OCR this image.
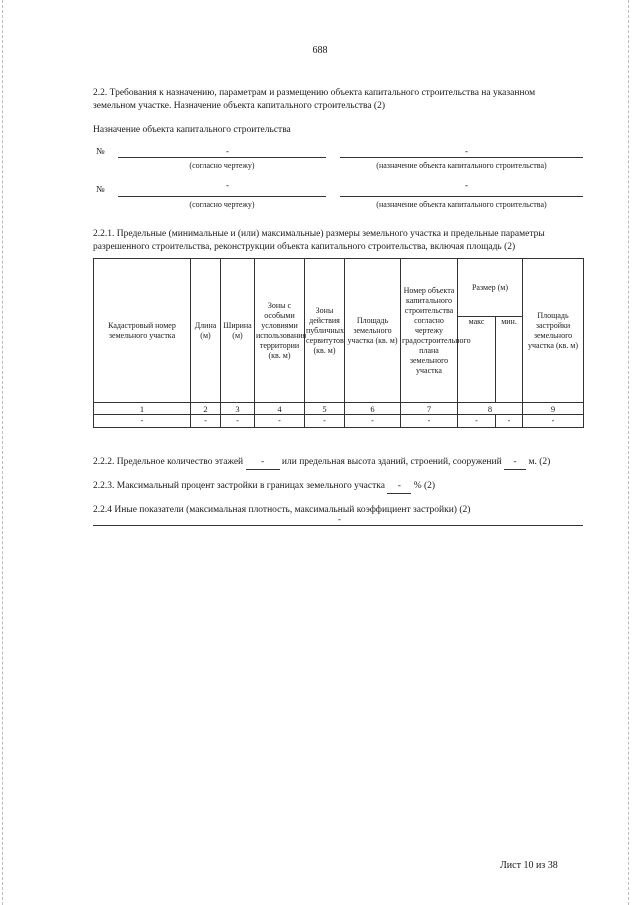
688
2.2. Требования к назначению, параметрам и размещению объекта капитального строительства на указанном
земельном участке. Назначение объекта капитального строительства (2)
Назначение объекта капитального строительства
№	-	-
(согласно чертежу)	(назначение объекта капитального строительства)
№	-	-
(согласно чертежу)	(назначение объекта капитального строительства)
2.2.1. Предельные (минимальные и (или) максимальные) размеры земельного участка и предельные параметры
разрешенного строительства, реконструкции объекта капитального строительства, включая площадь (2)
Кадастровый номер земельного участка	Длина (м)	Ширина (м)	Зоны с особыми условиями использования территории (кв. м)	Зоны действия публичных сервитутов (кв. м)	Площадь земельного участка (кв. м)	Номер объекта капитального строительства согласно чертежу градостроительного плана земельного участка	Размер (м)		Площадь застройки земельного участка (кв. м)
							макс	мин.	
1	2	3	4	5	6	7	8		9
-	-	-	-	-	-	-	-	-	-
2.2.2. Предельное количество этажей - или предельная высота зданий, строений, сооружений - м. (2)
2.2.3. Максимальный процент застройки в границах земельного участка - % (2)
2.2.4 Иные показатели (максимальная плотность, максимальный коэффициент застройки) (2)
-
Лист 10 из 38
